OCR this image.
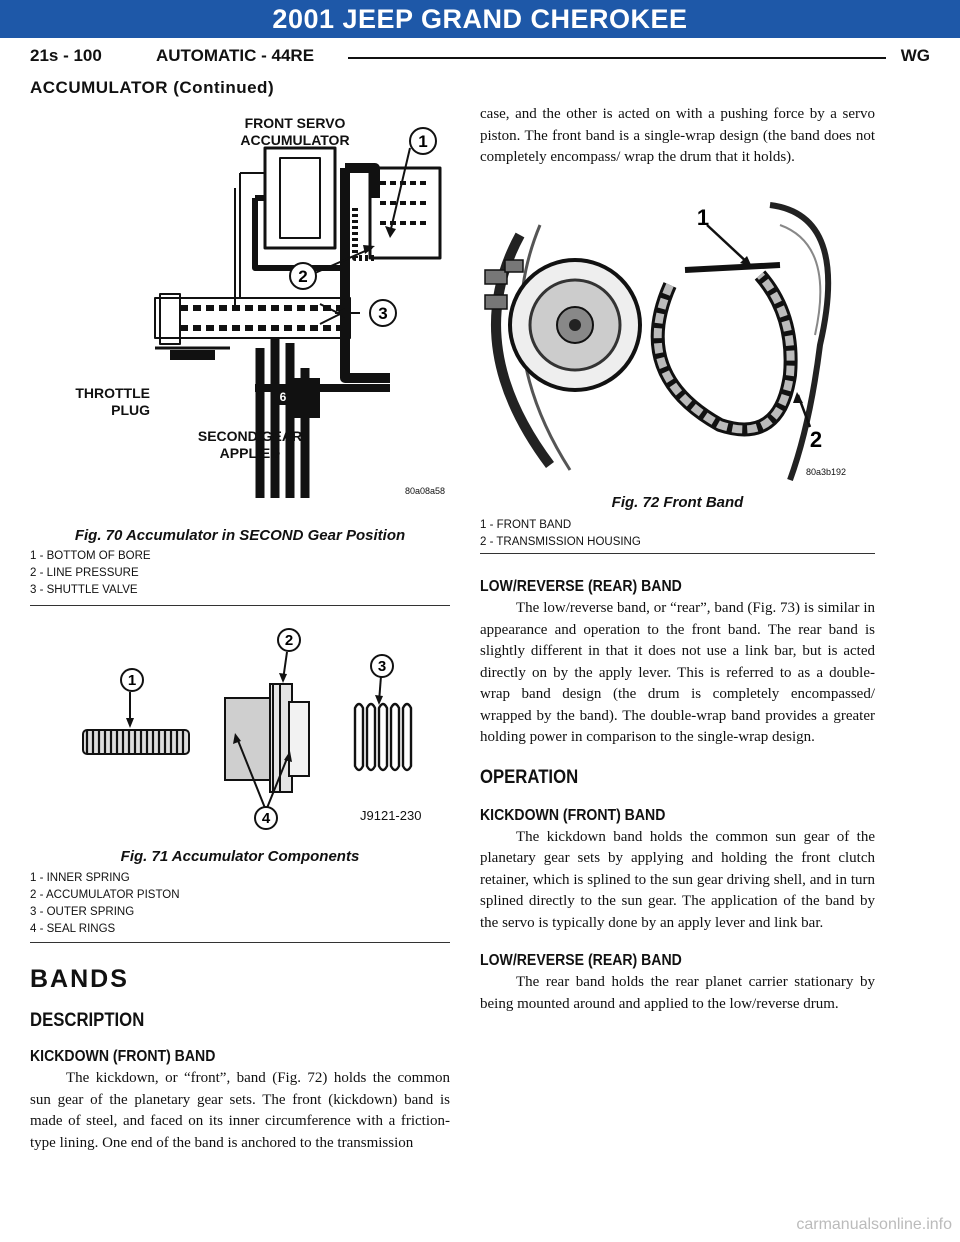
2001 JEEP GRAND CHEROKEE
21s - 100	AUTOMATIC - 44RE	WG
ACCUMULATOR (Continued)
1
2
3
6
FRONT SERVO
ACCUMULATOR
THROTTLE
PLUG
SECOND GEAR
APPLIED
80a08a58
Fig. 70 Accumulator in SECOND Gear Position
1 - BOTTOM OF BORE
2 - LINE PRESSURE
3 - SHUTTLE VALVE
1
2
3
4	J9121-230
Fig. 71 Accumulator Components
1 - INNER SPRING
2 - ACCUMULATOR PISTON
3 - OUTER SPRING
4 - SEAL RINGS
BANDS
DESCRIPTION
KICKDOWN (FRONT) BAND

The kickdown, or “front”, band (Fig. 72) holds the common sun gear of the planetary gear sets. The front (kickdown) band is made of steel, and faced on its inner circumference with a friction-type lining. One end of the band is anchored to the transmission

case, and the other is acted on with a pushing force by a servo piston. The front band is a single-wrap design (the band does not completely encompass/ wrap the drum that it holds).

1
2
80a3b192
Fig. 72 Front Band
1 - FRONT BAND
2 - TRANSMISSION HOUSING
LOW/REVERSE (REAR) BAND

The low/reverse band, or “rear”, band (Fig. 73) is similar in appearance and operation to the front band. The rear band is slightly different in that it does not use a link bar, but is acted directly on by the apply lever. This is referred to as a double-wrap band design (the drum is completely encompassed/ wrapped by the band). The double-wrap band provides a greater holding power in comparison to the single-wrap design.

OPERATION
KICKDOWN (FRONT) BAND

The kickdown band holds the common sun gear of the planetary gear sets by applying and holding the front clutch retainer, which is splined to the sun gear driving shell, and in turn splined directly to the sun gear. The application of the band by the servo is typically done by an apply lever and link bar.

LOW/REVERSE (REAR) BAND

The rear band holds the rear planet carrier stationary by being mounted around and applied to the low/reverse drum.

carmanualsonline.info
